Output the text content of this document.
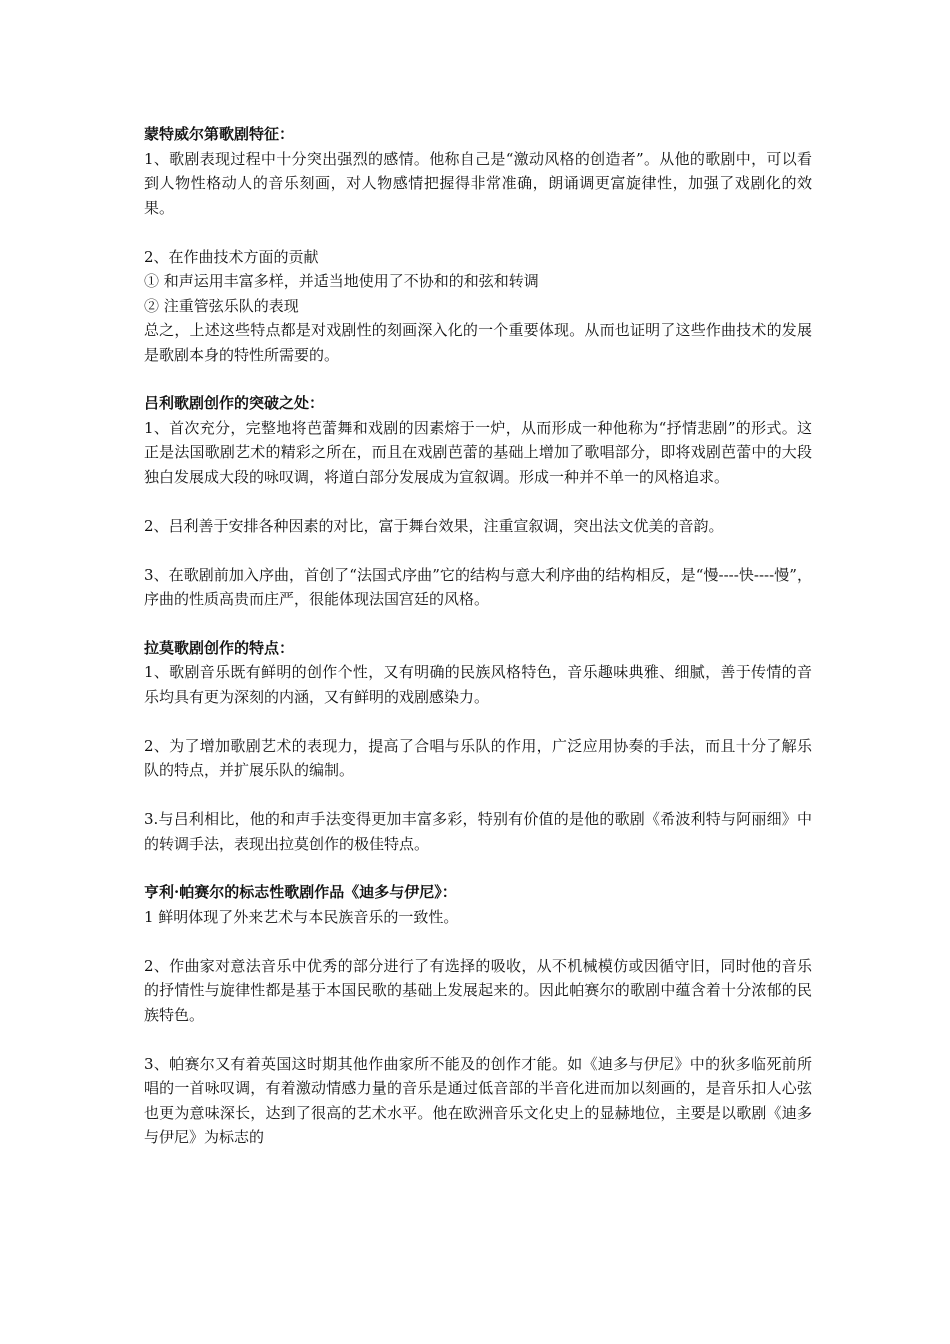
蒙特威尔第歌剧特征：

1、歌剧表现过程中十分突出强烈的感情。他称自己是“激动风格的创造者”。从他的歌剧中，可以看到人物性格动人的音乐刻画，对人物感情把握得非常准确，朗诵调更富旋律性，加强了戏剧化的效果。

2、在作曲技术方面的贡献

① 和声运用丰富多样，并适当地使用了不协和的和弦和转调

② 注重管弦乐队的表现

总之，上述这些特点都是对戏剧性的刻画深入化的一个重要体现。从而也证明了这些作曲技术的发展是歌剧本身的特性所需要的。

吕利歌剧创作的突破之处：

1、首次充分，完整地将芭蕾舞和戏剧的因素熔于一炉，从而形成一种他称为“抒情悲剧”的形式。这正是法国歌剧艺术的精彩之所在，而且在戏剧芭蕾的基础上增加了歌唱部分，即将戏剧芭蕾中的大段独白发展成大段的咏叹调，将道白部分发展成为宣叙调。形成一种并不单一的风格追求。

2、吕利善于安排各种因素的对比，富于舞台效果，注重宣叙调，突出法文优美的音韵。

3、在歌剧前加入序曲，首创了“法国式序曲”它的结构与意大利序曲的结构相反，是“慢----快----慢”，序曲的性质高贵而庄严，很能体现法国宫廷的风格。

拉莫歌剧创作的特点：

1、歌剧音乐既有鲜明的创作个性，又有明确的民族风格特色，音乐趣味典雅、细腻，善于传情的音乐均具有更为深刻的内涵，又有鲜明的戏剧感染力。

2、为了增加歌剧艺术的表现力，提高了合唱与乐队的作用，广泛应用协奏的手法，而且十分了解乐队的特点，并扩展乐队的编制。

3.与吕利相比，他的和声手法变得更加丰富多彩，特别有价值的是他的歌剧《希波利特与阿丽细》中的转调手法，表现出拉莫创作的极佳特点。

亨利·帕赛尔的标志性歌剧作品《迪多与伊尼》：

1 鲜明体现了外来艺术与本民族音乐的一致性。

2、作曲家对意法音乐中优秀的部分进行了有选择的吸收，从不机械模仿或因循守旧，同时他的音乐的抒情性与旋律性都是基于本国民歌的基础上发展起来的。因此帕赛尔的歌剧中蕴含着十分浓郁的民族特色。

3、帕赛尔又有着英国这时期其他作曲家所不能及的创作才能。如《迪多与伊尼》中的狄多临死前所唱的一首咏叹调，有着激动情感力量的音乐是通过低音部的半音化进而加以刻画的，是音乐扣人心弦也更为意味深长，达到了很高的艺术水平。他在欧洲音乐文化史上的显赫地位，主要是以歌剧《迪多与伊尼》为标志的
